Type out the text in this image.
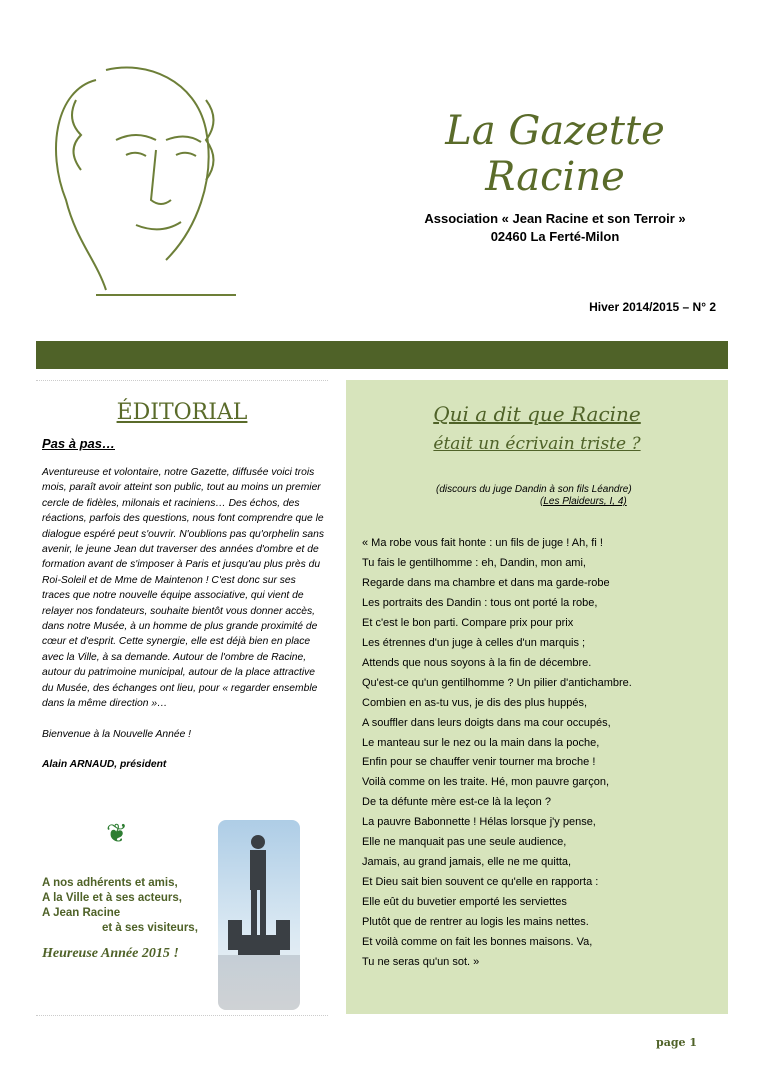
La Gazette Racine
Association « Jean Racine et son Terroir »
02460 La Ferté-Milon
Hiver 2014/2015 – N° 2
ÉDITORIAL
Pas à pas…

Aventureuse et volontaire, notre Gazette, diffusée voici trois mois, paraît avoir atteint son public, tout au moins un premier cercle de fidèles, milonais et raciniens… Des échos, des réactions, parfois des questions, nous font comprendre que le dialogue espéré peut s'ouvrir. N'oublions pas qu'orphelin sans avenir, le jeune Jean dut traverser des années d'ombre et de formation avant de s'imposer à Paris et jusqu'au plus près du Roi-Soleil et de Mme de Maintenon ! C'est donc sur ses traces que notre nouvelle équipe associative, qui vient de relayer nos fondateurs, souhaite bientôt vous donner accès, dans notre Musée, à un homme de plus grande proximité de cœur et d'esprit. Cette synergie, elle est déjà bien en place avec la Ville, à sa demande. Autour de l'ombre de Racine, autour du patrimoine municipal, autour de la place attractive du Musée, des échanges ont lieu, pour « regarder ensemble dans la même direction »…

Bienvenue à la Nouvelle Année !

Alain ARNAUD, président

❦
A nos adhérents et amis,
A la Ville et à ses acteurs,
A Jean Racine
et à ses visiteurs,
Heureuse Année 2015 !
Qui a dit que Racine
était un écrivain triste ?
(discours du juge Dandin à son fils Léandre)
(Les Plaideurs, I, 4)
« Ma robe vous fait honte : un fils de juge ! Ah, fi !
Tu fais le gentilhomme : eh, Dandin, mon ami,
Regarde dans ma chambre et dans ma garde-robe
Les portraits des Dandin : tous ont porté la robe,
Et c'est le bon parti. Compare prix pour prix
Les étrennes d'un juge à celles d'un marquis ;
Attends que nous soyons à la fin de décembre.
Qu'est-ce qu'un gentilhomme ? Un pilier d'antichambre.
Combien en as-tu vus, je dis des plus huppés,
A souffler dans leurs doigts dans ma cour occupés,
Le manteau sur le nez ou la main dans la poche,
Enfin pour se chauffer venir tourner ma broche !
Voilà comme on les traite. Hé, mon pauvre garçon,
De ta défunte mère est-ce là la leçon ?
La pauvre Babonnette ! Hélas lorsque j'y pense,
Elle ne manquait pas une seule audience,
Jamais, au grand jamais, elle ne me quitta,
Et Dieu sait bien souvent ce qu'elle en rapporta :
Elle eût du buvetier emporté les serviettes
Plutôt que de rentrer au logis les mains nettes.
Et voilà comme on fait les bonnes maisons. Va,
Tu ne seras qu'un sot. »
page 1
